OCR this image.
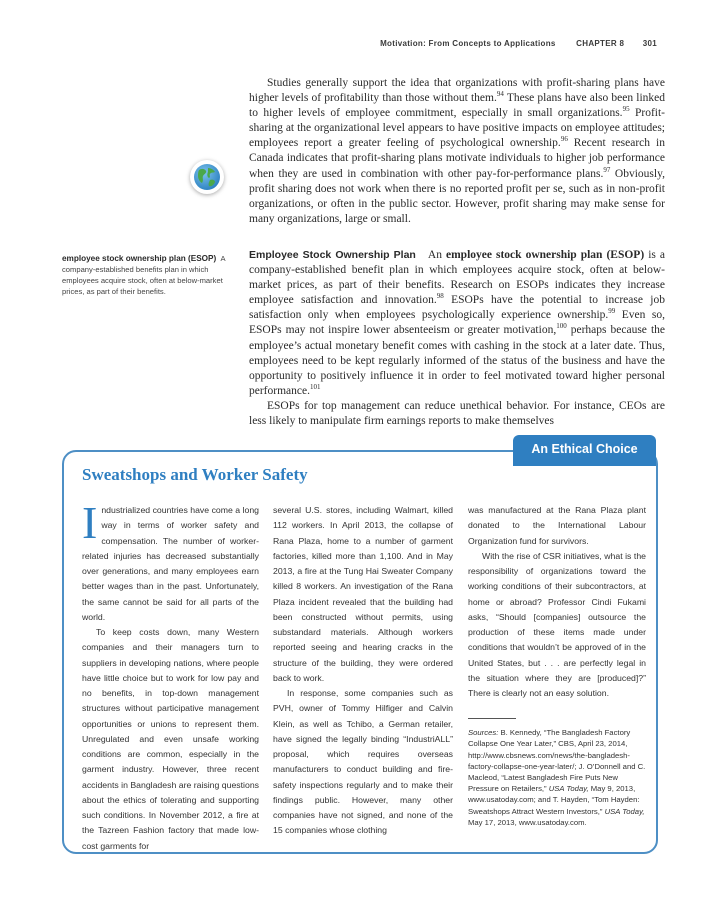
Motivation: From Concepts to Applications	CHAPTER 8 301

Studies generally support the idea that organizations with profit-sharing plans have higher levels of profitability than those without them.$^{94}$ These plans have also been linked to higher levels of employee commitment, especially in small organizations.$^{95}$ Profit-sharing at the organizational level appears to have positive impacts on employee attitudes; employees report a greater feeling of psychological ownership.$^{96}$ Recent research in Canada indicates that profit-sharing plans motivate individuals to higher job performance when they are used in combination with other pay-for-performance plans.$^{97}$ Obviously, profit sharing does not work when there is no reported profit per se, such as in non-profit organizations, or often in the public sector. However, profit sharing may make sense for many organizations, large or small.

employee stock ownership plan (ESOP) A company-established benefits plan in which employees acquire stock, often at below-market prices, as part of their benefits.

Employee Stock Ownership Plan An employee stock ownership plan (ESOP) is a company-established benefit plan in which employees acquire stock, often at below-market prices, as part of their benefits. Research on ESOPs indicates they increase employee satisfaction and innovation.$^{98}$ ESOPs have the potential to increase job satisfaction only when employees psychologically experience ownership.$^{99}$ Even so, ESOPs may not inspire lower absenteeism or greater motivation,$^{100}$ perhaps because the employee’s actual monetary benefit comes with cashing in the stock at a later date. Thus, employees need to be kept regularly informed of the status of the business and have the opportunity to positively influence it in order to feel motivated toward higher personal performance.$^{101}$

ESOPs for top management can reduce unethical behavior. For instance, CEOs are less likely to manipulate firm earnings reports to make themselves

An Ethical Choice
Sweatshops and Worker Safety

Industrialized countries have come a long way in terms of worker safety and compensation. The number of worker-related injuries has decreased substantially over generations, and many employees earn better wages than in the past. Unfortunately, the same cannot be said for all parts of the world.

To keep costs down, many Western companies and their managers turn to suppliers in developing nations, where people have little choice but to work for low pay and no benefits, in top-down management structures without participative management opportunities or unions to represent them. Unregulated and even unsafe working conditions are common, especially in the garment industry. However, three recent accidents in Bangladesh are raising questions about the ethics of tolerating and supporting such conditions. In November 2012, a fire at the Tazreen Fashion factory that made low-cost garments for

several U.S. stores, including Walmart, killed 112 workers. In April 2013, the collapse of Rana Plaza, home to a number of garment factories, killed more than 1,100. And in May 2013, a fire at the Tung Hai Sweater Company killed 8 workers. An investigation of the Rana Plaza incident revealed that the building had been constructed without permits, using substandard materials. Although workers reported seeing and hearing cracks in the structure of the building, they were ordered back to work.

In response, some companies such as PVH, owner of Tommy Hilfiger and Calvin Klein, as well as Tchibo, a German retailer, have signed the legally binding “IndustriALL” proposal, which requires overseas manufacturers to conduct building and fire-safety inspections regularly and to make their findings public. However, many other companies have not signed, and none of the 15 companies whose clothing

was manufactured at the Rana Plaza plant donated to the International Labour Organization fund for survivors.

With the rise of CSR initiatives, what is the responsibility of organizations toward the working conditions of their subcontractors, at home or abroad? Professor Cindi Fukami asks, “Should [companies] outsource the production of these items made under conditions that wouldn’t be approved of in the United States, but . . . are perfectly legal in the situation where they are [produced]?” There is clearly not an easy solution.

Sources: B. Kennedy, “The Bangladesh Factory Collapse One Year Later,” CBS, April 23, 2014, http://www.cbsnews.com/news/the-bangladesh-factory-collapse-one-year-later/; J. O’Donnell and C. Macleod, “Latest Bangladesh Fire Puts New Pressure on Retailers,” USA Today, May 9, 2013, www.usatoday.com; and T. Hayden, “Tom Hayden: Sweatshops Attract Western Investors,” USA Today, May 17, 2013, www.usatoday.com.
